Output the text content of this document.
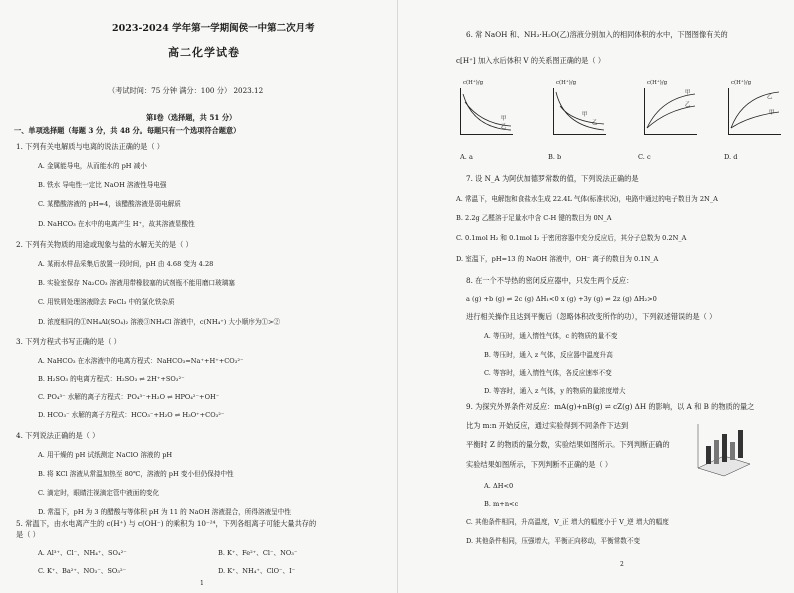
2023-2024 学年第一学期闽侯一中第二次月考
高二化学试卷
（考试时间：75 分钟 满分：100 分） 2023.12
第Ⅰ卷（选择题，共 51 分）
一、单项选择题（每题 3 分，共 48 分。每题只有一个选项符合题意）
1. 下列有关电解质与电离的说法正确的是（ ）
A. 金属能导电，从而能水的 pH 减小
B. 铁水 导电性一定比 NaOH 溶液性导电强
C. 某醋酸溶液的 pH=4，该醋酸溶液是弱电解质
D. NaHCO₃ 在水中的电离产生 H⁺，故其溶液显酸性
2. 下列有关物质的用途或现象与盐的水解无关的是（ ）
A. 某雨水样品采集后放置一段时间，pH 由 4.68 变为 4.28
B. 实验室保存 Na₂CO₃ 溶液用带橡胶塞的试剂瓶不能用磨口玻璃塞
C. 用铁屑处理溶液除去 FeCl₃ 中的氯化铁杂质
D. 浓度相同的①NH₄Al(SO₄)₂ 溶液③NH₄Cl 溶液中，c(NH₄⁺) 大小顺序为①>②
3. 下列方程式书写正确的是（ ）
A. NaHCO₃ 在水溶液中的电离方程式：NaHCO₃=Na⁺+H⁺+CO₃²⁻
B. H₂SO₃ 的电离方程式：H₂SO₃ ⇌ 2H⁺+SO₃²⁻
C. PO₄³⁻ 水解的离子方程式：PO₄³⁻+H₂O ⇌ HPO₄²⁻+OH⁻
D. HCO₃⁻ 水解的离子方程式：HCO₃⁻+H₂O ⇌ H₃O⁺+CO₃²⁻
4. 下列说法正确的是（ ）
A. 用干燥的 pH 试纸测定 NaClO 溶液的 pH
B. 将 KCl 溶液从常温加热至 80℃，溶液的 pH 变小但仍保持中性
C. 滴定时，眼睛注视滴定管中液面的变化
D. 常温下，pH 为 3 的醋酸与等体积 pH 为 11 的 NaOH 溶液混合，所得溶液呈中性
5. 常温下，由水电离产生的 c(H⁺) 与 c(OH⁻) 的乘积为 10⁻²⁴，下列各组离子可能大量共存的
是（ ）
A. Al³⁺、Cl⁻、NH₄⁺、SO₄²⁻	B. K⁺、Fe²⁺、Cl⁻、NO₃⁻
C. K⁺、Ba²⁺、NO₃⁻、SO₃²⁻	D. K⁺、NH₄⁺、ClO⁻、I⁻
1
6. 常 NaOH 和、NH₃·H₂O(乙)溶液分别加入的相同体积的水中，下图图像有关的
c[H⁺] 加入水后体积 V 的关系图正确的是（ ）
c(H⁺)/g
甲
乙
c(H⁺)/g
甲
乙
c(H⁺)/g
甲
乙
c(H⁺)/g
乙
甲
A. a	B. b	C. c	D. d
7. 设 N_A 为阿伏加德罗常数的值，下列说法正确的是
A. 常温下，电解饱和食盐水生成 22.4L 气体(标准状况)，电路中通过的电子数目为 2N_A
B. 2.2g 乙醛溶于足量水中含 C-H 键的数目为 0N_A
C. 0.1mol H₂ 和 0.1mol I₂ 于密闭容器中充分反应后，其分子总数为 0.2N_A
D. 室温下，pH=13 的 NaOH 溶液中，OH⁻ 离子的数目为 0.1N_A
8. 在一个不导热的密闭反应器中，只发生两个反应：
a (g) +b (g) ⇌ 2c (g) ΔH₁<0 x (g) +3y (g) ⇌ 2z (g) ΔH₂>0
进行相关操作且达到平衡后（忽略体积改变所作的功），下列叙述错误的是（ ）
A. 等压时，通入惰性气体，c 的物质的量不变
B. 等压时，通入 z 气体，反应器中温度升高
C. 等容时，通入惰性气体，各反应速率不变
D. 等容时，通入 z 气体，y 的物质的量浓度增大
9. 为探究外界条件对反应：mA(g)+nB(g) ⇌ cZ(g) ΔH 的影响，以 A 和 B 的物质的量之
比为 m:n 开始反应，通过实验得到不同条件下达到
平衡时 Z 的物质的量分数，实验结果如图所示。下列判断正确的
实验结果如图所示，下列判断不正确的是（ ）
A. ΔH<0
B. m+n<c
C. 其他条件相同，升高温度，V_正 增大的幅度小于 V_逆 增大的幅度
D. 其他条件相同，压强增大，平衡正向移动，平衡常数不变
2
